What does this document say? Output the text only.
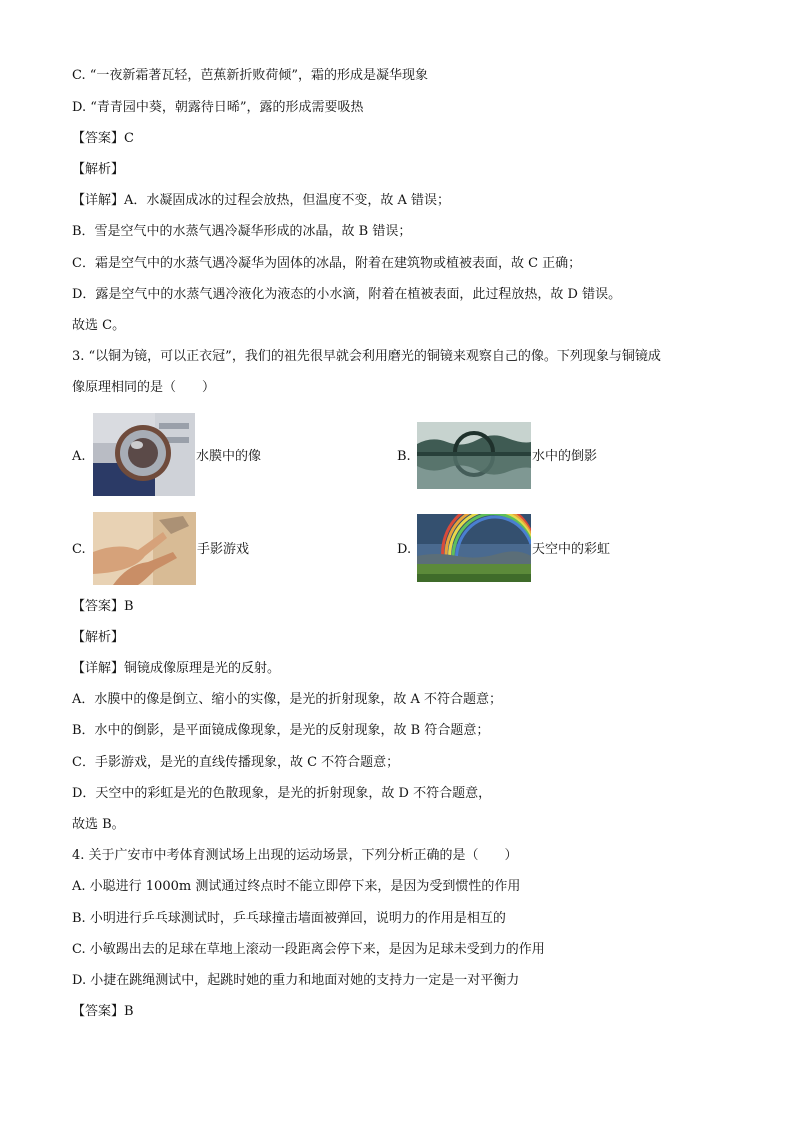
C. “一夜新霜著瓦轻，芭蕉新折败荷倾”，霜的形成是凝华现象
D. “青青园中葵，朝露待日晞”，露的形成需要吸热
【答案】C
【解析】
【详解】A．水凝固成冰的过程会放热，但温度不变，故 A 错误；
B．雪是空气中的水蒸气遇冷凝华形成的冰晶，故 B 错误；
C．霜是空气中的水蒸气遇冷凝华为固体的冰晶，附着在建筑物或植被表面，故 C 正确；
D．露是空气中的水蒸气遇冷液化为液态的小水滴，附着在植被表面，此过程放热，故 D 错误。
故选 C。
3. “以铜为镜，可以正衣冠”，我们的祖先很早就会利用磨光的铜镜来观察自己的像。下列现象与铜镜成
像原理相同的是（　　）
A.	水膜中的像	B.	水中的倒影
C.	手影游戏	D.	天空中的彩虹
【答案】B
【解析】
【详解】铜镜成像原理是光的反射。
A．水膜中的像是倒立、缩小的实像，是光的折射现象，故 A 不符合题意；
B．水中的倒影，是平面镜成像现象，是光的反射现象，故 B 符合题意；
C．手影游戏，是光的直线传播现象，故 C 不符合题意；
D．天空中的彩虹是光的色散现象，是光的折射现象，故 D 不符合题意，
故选 B。
4. 关于广安市中考体育测试场上出现的运动场景，下列分析正确的是（　　）
A. 小聪进行 1000m 测试通过终点时不能立即停下来，是因为受到惯性的作用
B. 小明进行乒乓球测试时，乒乓球撞击墙面被弹回，说明力的作用是相互的
C. 小敏踢出去的足球在草地上滚动一段距离会停下来，是因为足球未受到力的作用
D. 小捷在跳绳测试中，起跳时她的重力和地面对她的支持力一定是一对平衡力
【答案】B
